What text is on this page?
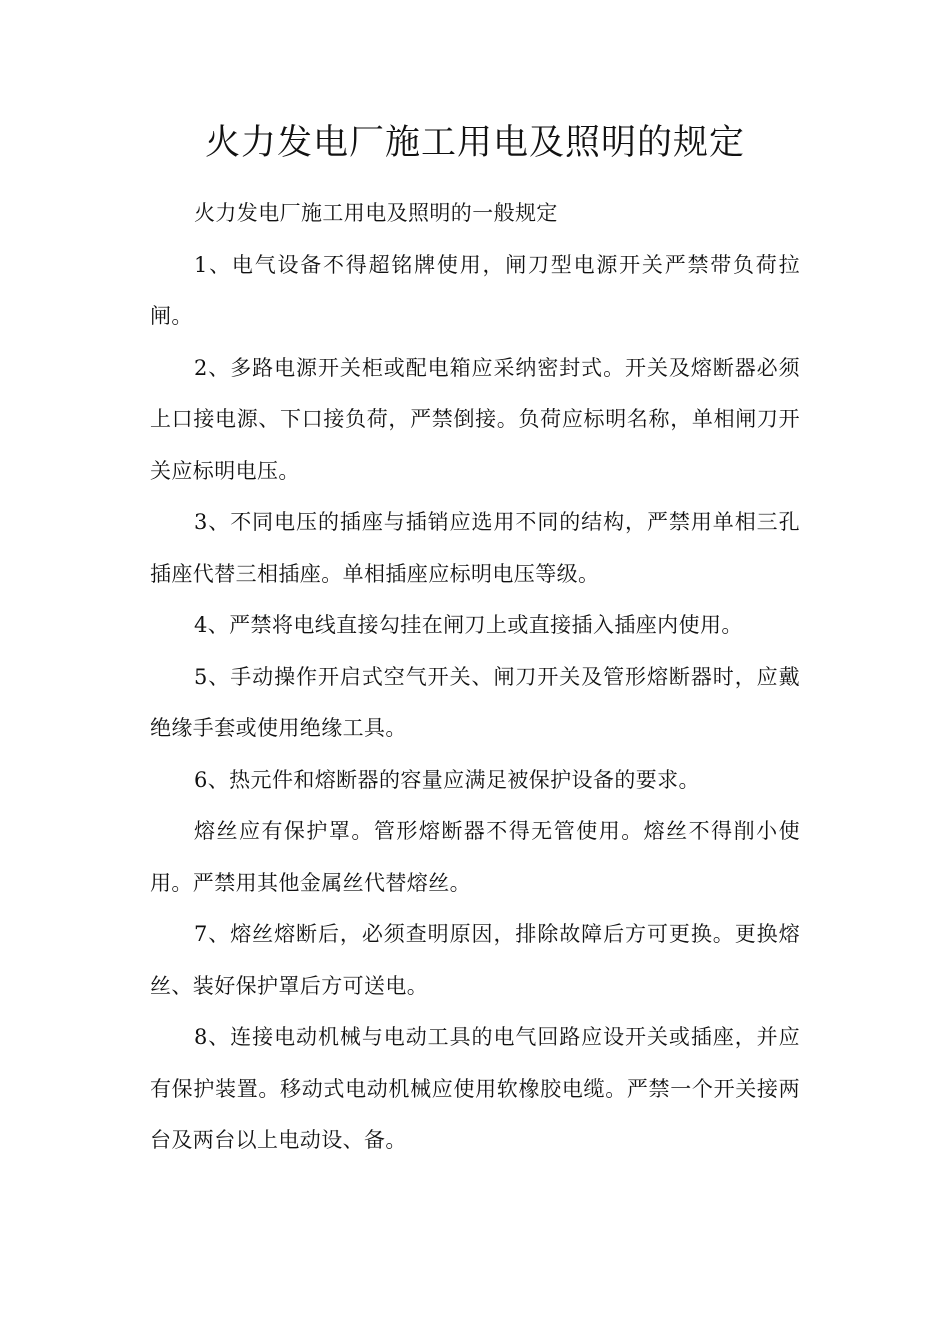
火力发电厂施工用电及照明的规定

火力发电厂施工用电及照明的一般规定

1、电气设备不得超铭牌使用，闸刀型电源开关严禁带负荷拉闸。

2、多路电源开关柜或配电箱应采纳密封式。开关及熔断器必须上口接电源、下口接负荷，严禁倒接。负荷应标明名称，单相闸刀开关应标明电压。

3、不同电压的插座与插销应选用不同的结构，严禁用单相三孔插座代替三相插座。单相插座应标明电压等级。

4、严禁将电线直接勾挂在闸刀上或直接插入插座内使用。

5、手动操作开启式空气开关、闸刀开关及管形熔断器时，应戴绝缘手套或使用绝缘工具。

6、热元件和熔断器的容量应满足被保护设备的要求。

熔丝应有保护罩。管形熔断器不得无管使用。熔丝不得削小使用。严禁用其他金属丝代替熔丝。

7、熔丝熔断后，必须查明原因，排除故障后方可更换。更换熔丝、装好保护罩后方可送电。

8、连接电动机械与电动工具的电气回路应设开关或插座，并应有保护装置。移动式电动机械应使用软橡胶电缆。严禁一个开关接两台及两台以上电动设、备。
